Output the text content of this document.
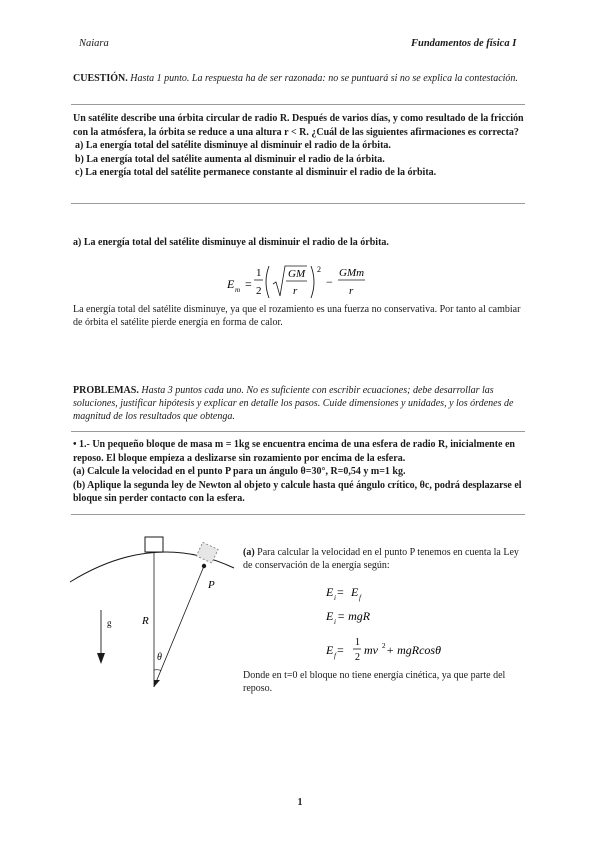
Naiara	Fundamentos de física I
CUESTIÓN. Hasta 1 punto. La respuesta ha de ser razonada: no se puntuará si no se explica la contestación.

Un satélite describe una órbita circular de radio R. Después de varios días, y como resultado de la fricción con la atmósfera, la órbita se reduce a una altura r < R. ¿Cuál de las siguientes afirmaciones es correcta?

a) La energía total del satélite disminuye al disminuir el radio de la órbita.

b) La energía total del satélite aumenta al disminuir el radio de la órbita.

c) La energía total del satélite permanece constante al disminuir el radio de la órbita.

a) La energía total del satélite disminuye al disminuir el radio de la órbita.
E m =
1
2
GM
r
2
−
GMm
r
La energía total del satélite disminuye, ya que el rozamiento es una fuerza no conservativa. Por tanto al cambiar de órbita el satélite pierde energía en forma de calor.
PROBLEMAS. Hasta 3 puntos cada uno. No es suficiente con escribir ecuaciones; debe desarrollar las soluciones, justificar hipótesis y explicar en detalle los pasos. Cuide dimensiones y unidades, y los órdenes de magnitud de los resultados que obtenga.

• 1.- Un pequeño bloque de masa m = 1kg se encuentra encima de una esfera de radio R, inicialmente en reposo. El bloque empieza a deslizarse sin rozamiento por encima de la esfera.

(a) Calcule la velocidad en el punto P para un ángulo θ=30°, R=0,54 y m=1 kg.

(b) Aplique la segunda ley de Newton al objeto y calcule hasta qué ángulo crítico, θc, podrá desplazarse el bloque sin perder contacto con la esfera.

P
R
θ
g
(a) Para calcular la velocidad en el punto P tenemos en cuenta la Ley de conservación de la energía según:
E i = E f
E i = mgR
E f =
1
2
mv 2 + mgRcosθ
Donde en t=0 el bloque no tiene energía cinética, ya que parte del reposo.
1
